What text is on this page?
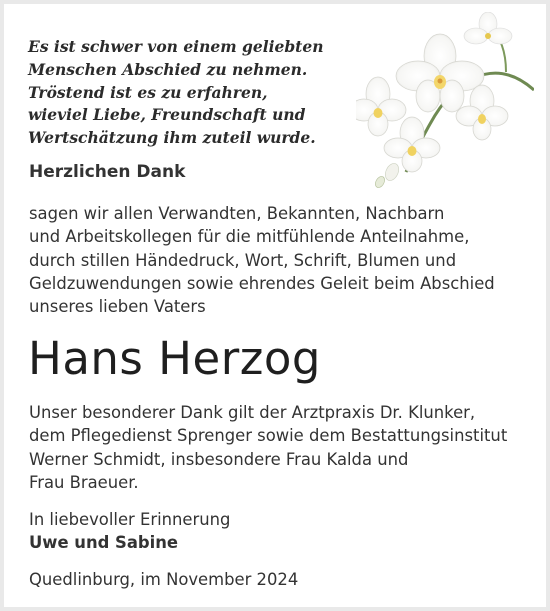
Es ist schwer von einem geliebten
Menschen Abschied zu nehmen.
Tröstend ist es zu erfahren,
wieviel Liebe, Freundschaft und
Wertschätzung ihm zuteil wurde.
Herzlichen Dank
sagen wir allen Verwandten, Bekannten, Nachbarn
und Arbeitskollegen für die mitfühlende Anteilnahme,
durch stillen Händedruck, Wort, Schrift, Blumen und
Geldzuwendungen sowie ehrendes Geleit beim Abschied
unseres lieben Vaters
Hans Herzog
Unser besonderer Dank gilt der Arztpraxis Dr. Klunker,
dem Pflegedienst Sprenger sowie dem Bestattungsinstitut
Werner Schmidt, insbesondere Frau Kalda und
Frau Braeuer.
In liebevoller Erinnerung
Uwe und Sabine
Quedlinburg, im November 2024
